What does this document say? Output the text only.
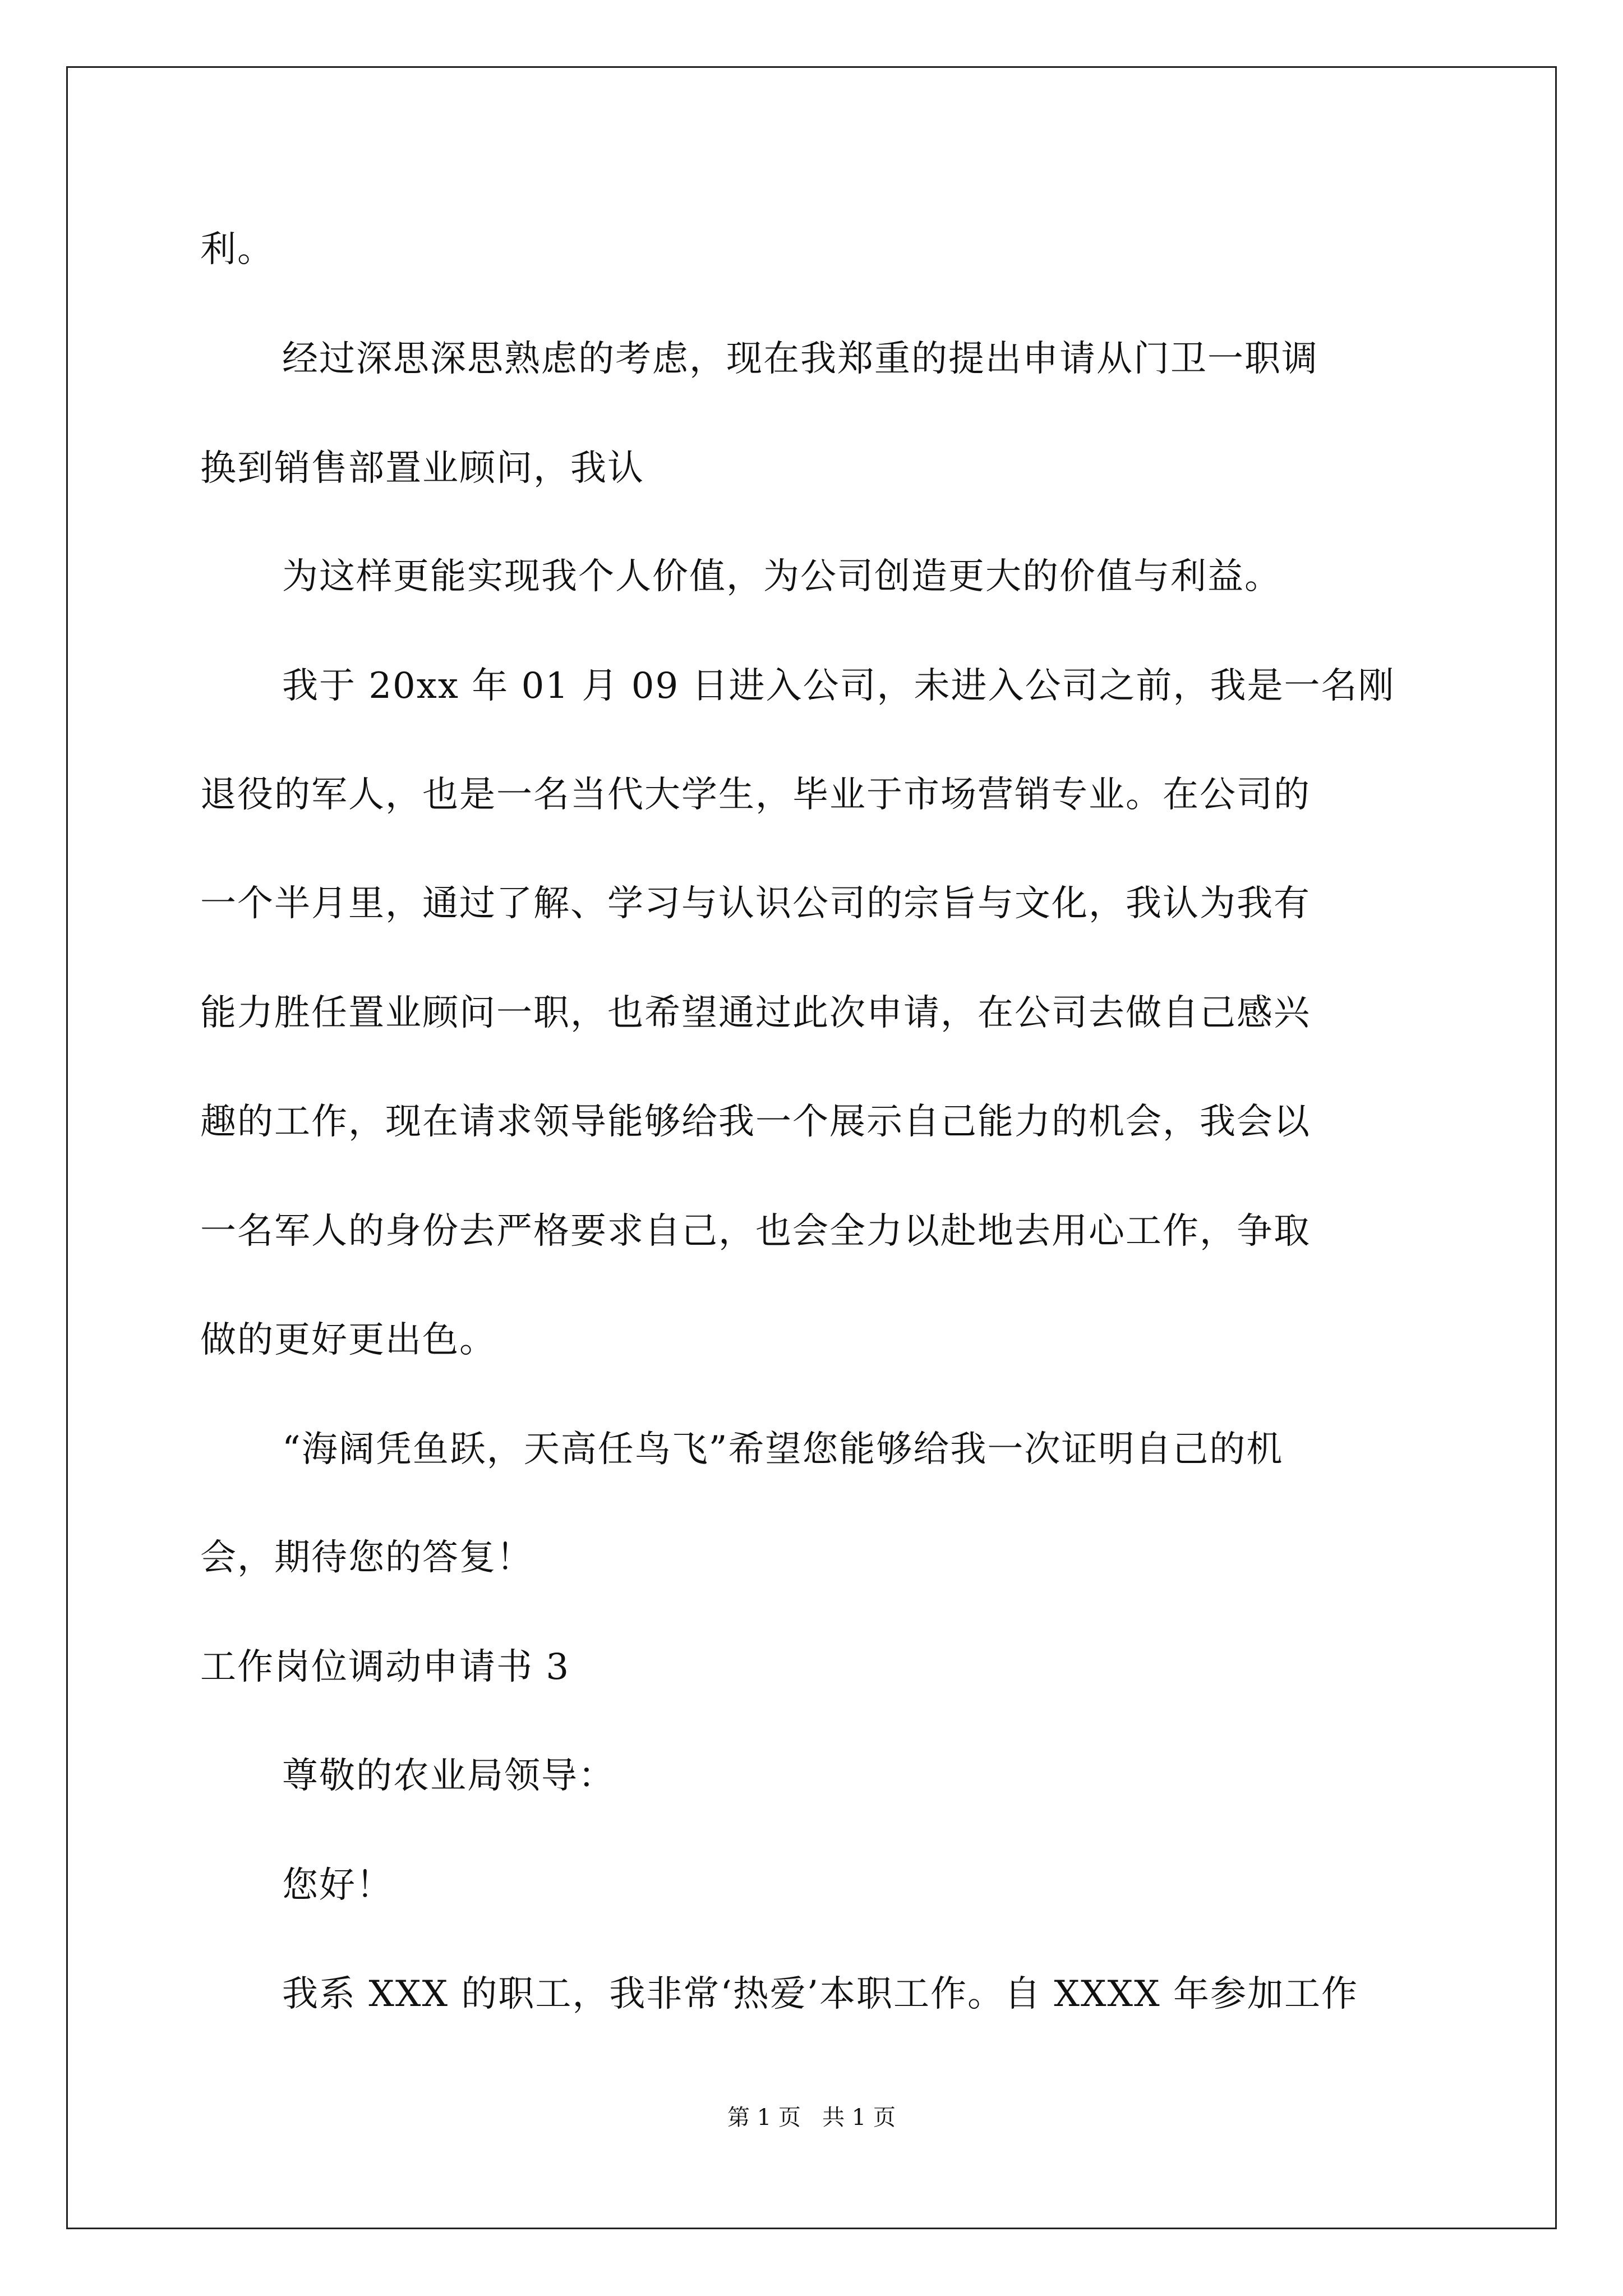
利。
经过深思深思熟虑的考虑，现在我郑重的提出申请从门卫一职调
换到销售部置业顾问，我认
为这样更能实现我个人价值，为公司创造更大的价值与利益。
我于 20xx 年 01 月 09 日进入公司，未进入公司之前，我是一名刚
退役的军人，也是一名当代大学生，毕业于市场营销专业。在公司的
一个半月里，通过了解、学习与认识公司的宗旨与文化，我认为我有
能力胜任置业顾问一职，也希望通过此次申请，在公司去做自己感兴
趣的工作，现在请求领导能够给我一个展示自己能力的机会，我会以
一名军人的身份去严格要求自己，也会全力以赴地去用心工作，争取
做的更好更出色。
“海阔凭鱼跃，天高任鸟飞”希望您能够给我一次证明自己的机
会，期待您的答复！
工作岗位调动申请书 3
尊敬的农业局领导：
您好！
我系 XXX 的职工，我非常‘热爱’本职工作。自 XXXX 年参加工作
第 1 页   共 1 页
